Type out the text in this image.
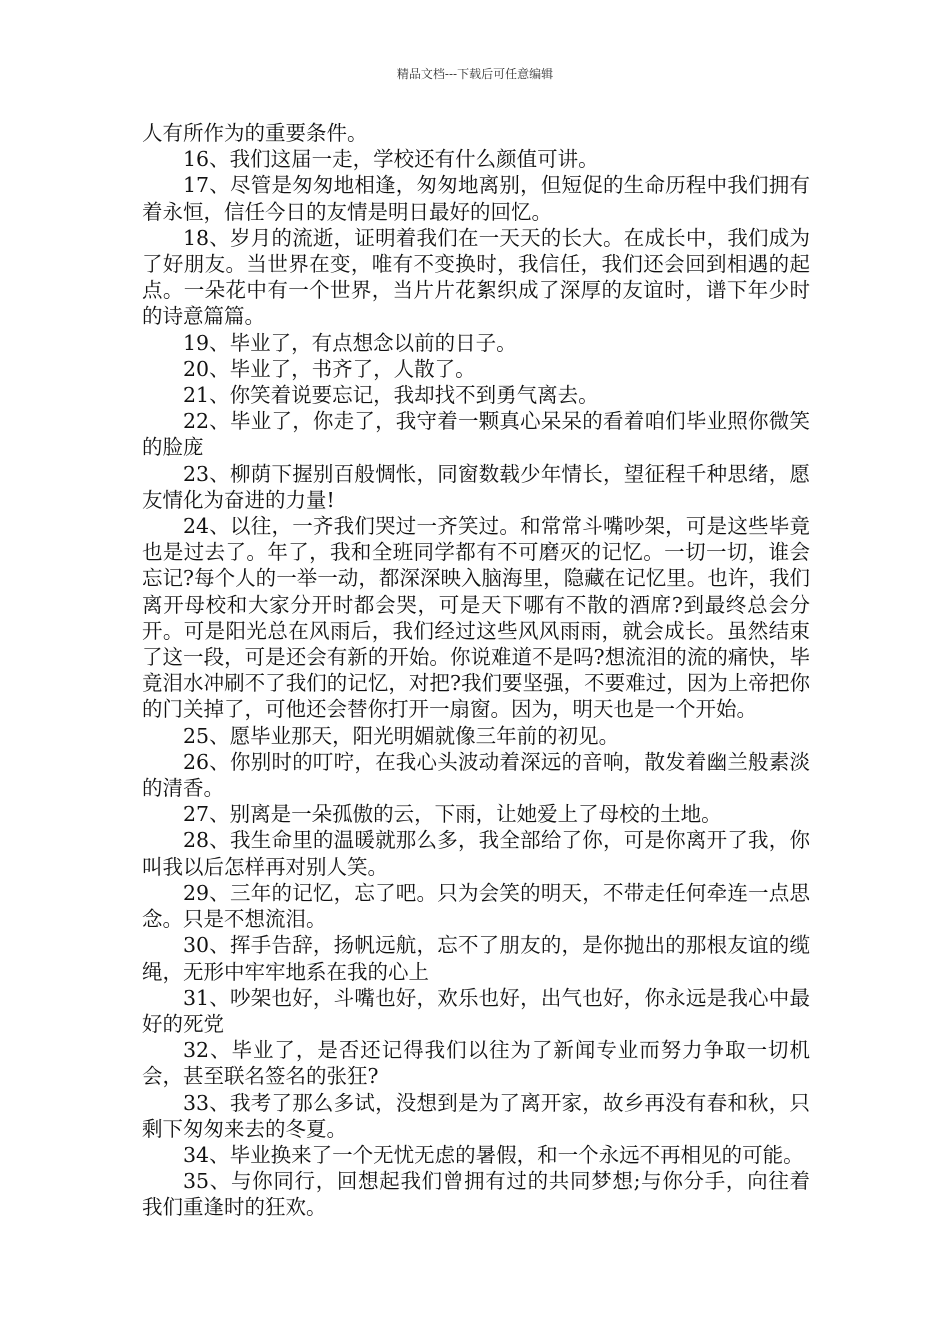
精品文档---下载后可任意编辑

人有所作为的重要条件。

16、我们这届一走，学校还有什么颜值可讲。

17、尽管是匆匆地相逢，匆匆地离别，但短促的生命历程中我们拥有着永恒，信任今日的友情是明日最好的回忆。

18、岁月的流逝，证明着我们在一天天的长大。在成长中，我们成为了好朋友。当世界在变，唯有不变换时，我信任，我们还会回到相遇的起点。一朵花中有一个世界，当片片花絮织成了深厚的友谊时，谱下年少时的诗意篇篇。

19、毕业了，有点想念以前的日子。

20、毕业了，书齐了，人散了。

21、你笑着说要忘记，我却找不到勇气离去。

22、毕业了，你走了，我守着一颗真心呆呆的看着咱们毕业照你微笑的脸庞

23、柳荫下握别百般惆怅，同窗数载少年情长，望征程千种思绪，愿友情化为奋进的力量!

24、以往，一齐我们哭过一齐笑过。和常常斗嘴吵架，可是这些毕竟也是过去了。年了，我和全班同学都有不可磨灭的记忆。一切一切，谁会忘记?每个人的一举一动，都深深映入脑海里，隐藏在记忆里。也许，我们离开母校和大家分开时都会哭，可是天下哪有不散的酒席?到最终总会分开。可是阳光总在风雨后，我们经过这些风风雨雨，就会成长。虽然结束了这一段，可是还会有新的开始。你说难道不是吗?想流泪的流的痛快，毕竟泪水冲刷不了我们的记忆，对把?我们要坚强，不要难过，因为上帝把你的门关掉了，可他还会替你打开一扇窗。因为，明天也是一个开始。

25、愿毕业那天，阳光明媚就像三年前的初见。

26、你别时的叮咛，在我心头波动着深远的音响，散发着幽兰般素淡的清香。

27、别离是一朵孤傲的云，下雨，让她爱上了母校的土地。

28、我生命里的温暖就那么多，我全部给了你，可是你离开了我，你叫我以后怎样再对别人笑。

29、三年的记忆，忘了吧。只为会笑的明天，不带走任何牵连一点思念。只是不想流泪。

30、挥手告辞，扬帆远航，忘不了朋友的，是你抛出的那根友谊的缆绳，无形中牢牢地系在我的心上

31、吵架也好，斗嘴也好，欢乐也好，出气也好，你永远是我心中最好的死党

32、毕业了，是否还记得我们以往为了新闻专业而努力争取一切机会，甚至联名签名的张狂?

33、我考了那么多试，没想到是为了离开家，故乡再没有春和秋，只剩下匆匆来去的冬夏。

34、毕业换来了一个无忧无虑的暑假，和一个永远不再相见的可能。

35、与你同行，回想起我们曾拥有过的共同梦想;与你分手，向往着我们重逢时的狂欢。
